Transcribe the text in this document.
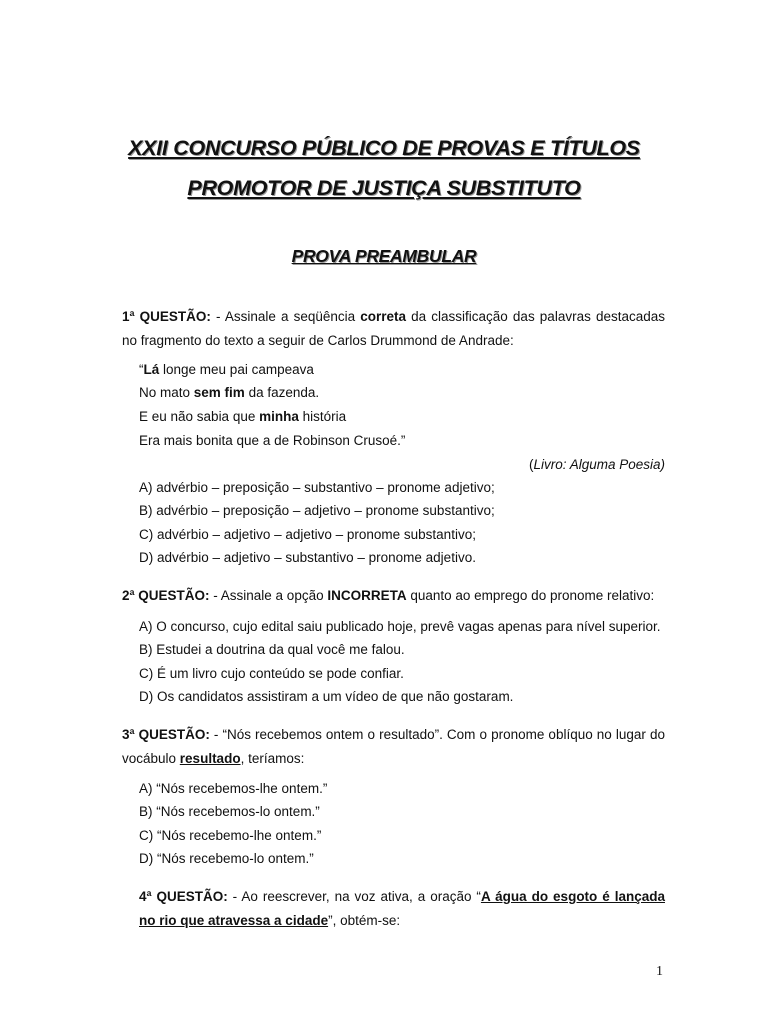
XXII CONCURSO PÚBLICO DE PROVAS E TÍTULOS
PROMOTOR DE JUSTIÇA SUBSTITUTO
PROVA PREAMBULAR

1ª QUESTÃO: - Assinale a seqüência correta da classificação das palavras destacadas no fragmento do texto a seguir de Carlos Drummond de Andrade:

“Lá longe meu pai campeava

No mato sem fim da fazenda.

E eu não sabia que minha história

Era mais bonita que a de Robinson Crusoé.”

(Livro: Alguma Poesia)

A) advérbio – preposição – substantivo – pronome adjetivo;

B) advérbio – preposição – adjetivo – pronome substantivo;

C) advérbio – adjetivo – adjetivo – pronome substantivo;

D) advérbio – adjetivo – substantivo – pronome adjetivo.

2ª QUESTÃO: - Assinale a opção INCORRETA quanto ao emprego do pronome relativo:

A) O concurso, cujo edital saiu publicado hoje, prevê vagas apenas para nível superior.

B) Estudei a doutrina da qual você me falou.

C) É um livro cujo conteúdo se pode confiar.

D) Os candidatos assistiram a um vídeo de que não gostaram.

3ª QUESTÃO: - “Nós recebemos ontem o resultado”. Com o pronome oblíquo no lugar do vocábulo resultado, teríamos:

A) “Nós recebemos-lhe ontem.”

B) “Nós recebemos-lo ontem.”

C) “Nós recebemo-lhe ontem.”

D) “Nós recebemo-lo ontem.”

4ª QUESTÃO: - Ao reescrever, na voz ativa, a oração “A água do esgoto é lançada no rio que atravessa a cidade”, obtém-se:

1
